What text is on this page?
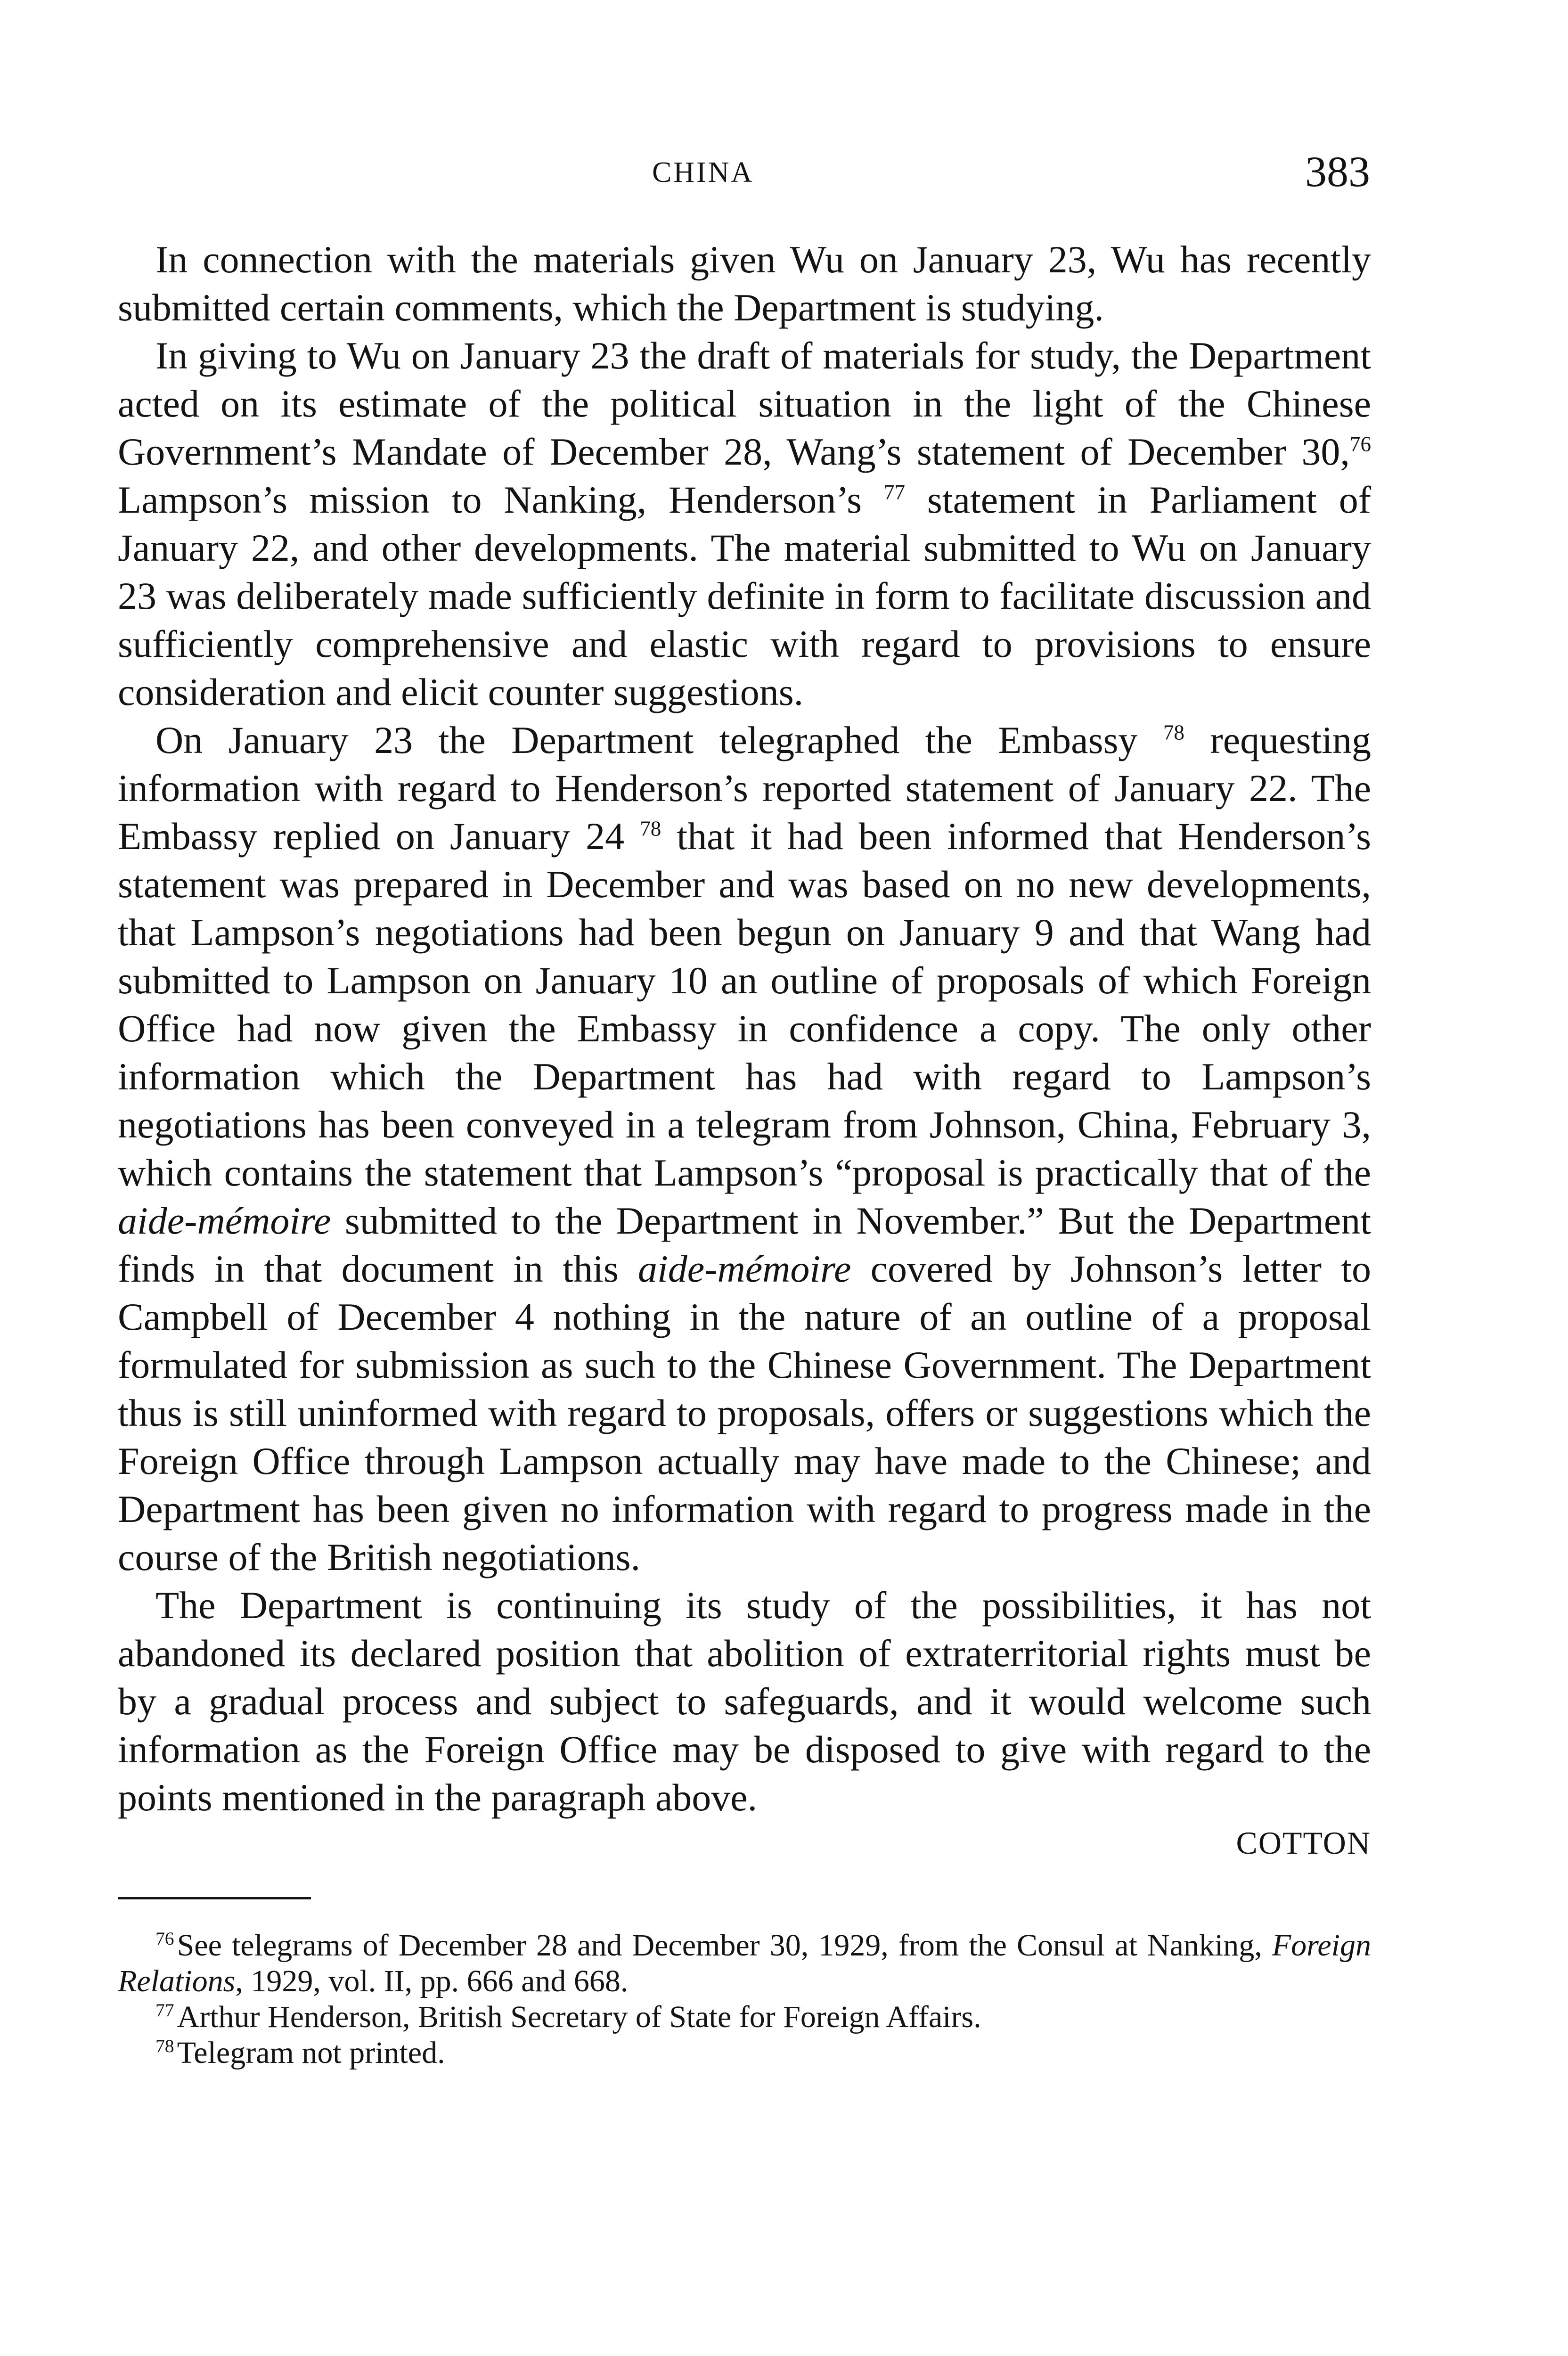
CHINA	383

In connection with the materials given Wu on January 23, Wu has recently submitted certain comments, which the Department is studying.

In giving to Wu on January 23 the draft of materials for study, the Department acted on its estimate of the political situation in the light of the Chinese Government’s Mandate of December 28, Wang’s statement of December 30,76 Lampson’s mission to Nanking, Henderson’s $^{77}$ statement in Parliament of January 22, and other developments. The material submitted to Wu on January 23 was deliberately made sufficiently definite in form to facilitate discussion and sufficiently comprehensive and elastic with regard to provisions to ensure consideration and elicit counter suggestions.

On January 23 the Department telegraphed the Embassy $^{78}$ requesting information with regard to Henderson’s reported statement of January 22. The Embassy replied on January 24 $^{78}$ that it had been informed that Henderson’s statement was prepared in December and was based on no new developments, that Lampson’s negotiations had been begun on January 9 and that Wang had submitted to Lampson on January 10 an outline of proposals of which Foreign Office had now given the Embassy in confidence a copy. The only other information which the Department has had with regard to Lampson’s negotiations has been conveyed in a telegram from Johnson, China, February 3, which contains the statement that Lampson’s “proposal is practically that of the aide-mémoire submitted to the Department in November.” But the Department finds in that document in this aide-mémoire covered by Johnson’s letter to Campbell of December 4 nothing in the nature of an outline of a proposal formulated for submission as such to the Chinese Government. The Department thus is still uninformed with regard to proposals, offers or suggestions which the Foreign Office through Lampson actually may have made to the Chinese; and Department has been given no information with regard to progress made in the course of the British negotiations.

The Department is continuing its study of the possibilities, it has not abandoned its declared position that abolition of extraterritorial rights must be by a gradual process and subject to safeguards, and it would welcome such information as the Foreign Office may be disposed to give with regard to the points mentioned in the paragraph above.

COTTON

$^{76}$See telegrams of December 28 and December 30, 1929, from the Consul at Nanking, Foreign Relations, 1929, vol. II, pp. 666 and 668.

$^{77}$Arthur Henderson, British Secretary of State for Foreign Affairs.

$^{78}$Telegram not printed.
